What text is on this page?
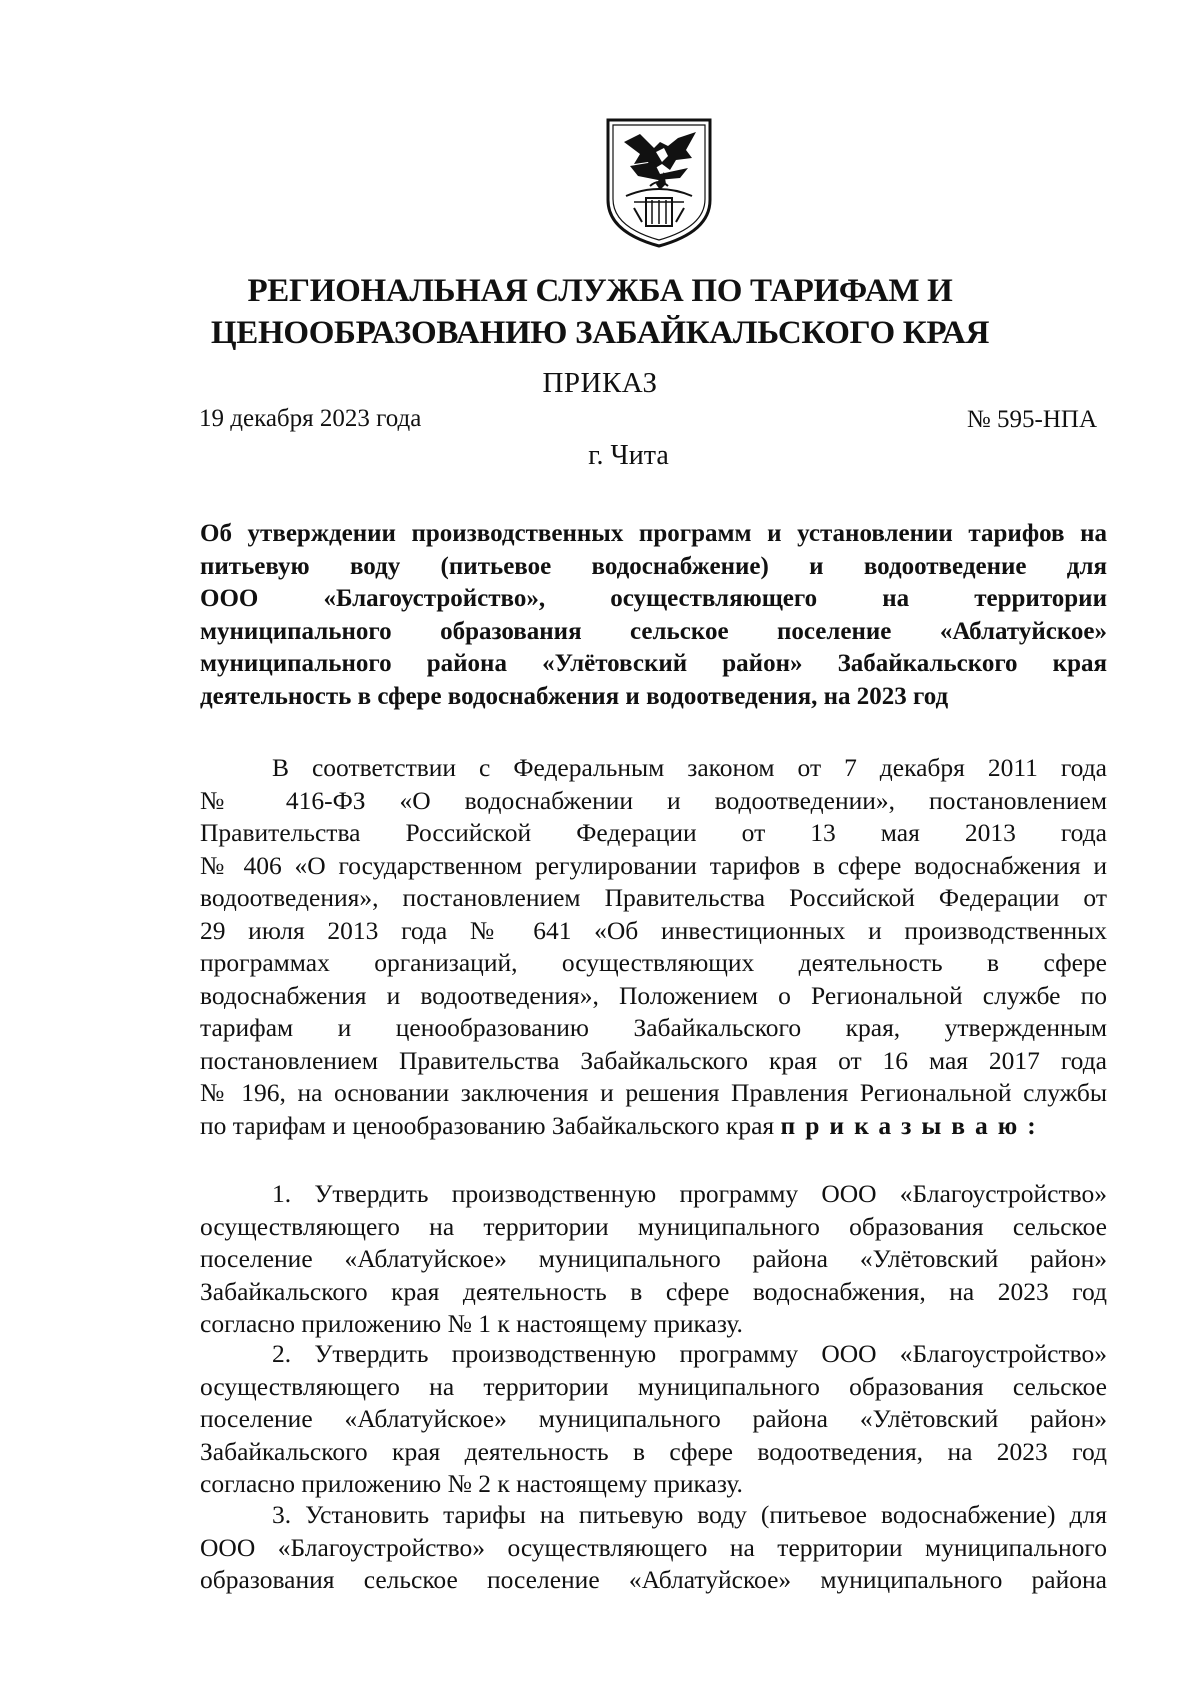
РЕГИОНАЛЬНАЯ СЛУЖБА ПО ТАРИФАМ И
ЦЕНООБРАЗОВАНИЮ ЗАБАЙКАЛЬСКОГО КРАЯ
ПРИКАЗ
19 декабря 2023 года	№ 595-НПА
г. Чита
Об утверждении производственных программ и установлении тарифов на
питьевую воду (питьевое водоснабжение) и водоотведение для
ООО «Благоустройство», осуществляющего на территории
муниципального образования сельское поселение «Аблатуйское»
муниципального района «Улётовский район» Забайкальского края
деятельность в сфере водоснабжения и водоотведения, на 2023 год
В соответствии с Федеральным законом от 7 декабря 2011 года
№ 416-ФЗ «О водоснабжении и водоотведении», постановлением
Правительства Российской Федерации от 13 мая 2013 года
№ 406 «О государственном регулировании тарифов в сфере водоснабжения и
водоотведения», постановлением Правительства Российской Федерации от
29 июля 2013 года № 641 «Об инвестиционных и производственных
программах организаций, осуществляющих деятельность в сфере
водоснабжения и водоотведения», Положением о Региональной службе по
тарифам и ценообразованию Забайкальского края, утвержденным
постановлением Правительства Забайкальского края от 16 мая 2017 года
№ 196, на основании заключения и решения Правления Региональной службы
по тарифам и ценообразованию Забайкальского края приказываю:
1. Утвердить производственную программу ООО «Благоустройство»
осуществляющего на территории муниципального образования сельское
поселение «Аблатуйское» муниципального района «Улётовский район»
Забайкальского края деятельность в сфере водоснабжения, на 2023 год
согласно приложению № 1 к настоящему приказу.
2. Утвердить производственную программу ООО «Благоустройство»
осуществляющего на территории муниципального образования сельское
поселение «Аблатуйское» муниципального района «Улётовский район»
Забайкальского края деятельность в сфере водоотведения, на 2023 год
согласно приложению № 2 к настоящему приказу.
3. Установить тарифы на питьевую воду (питьевое водоснабжение) для
ООО «Благоустройство» осуществляющего на территории муниципального
образования сельское поселение «Аблатуйское» муниципального района
